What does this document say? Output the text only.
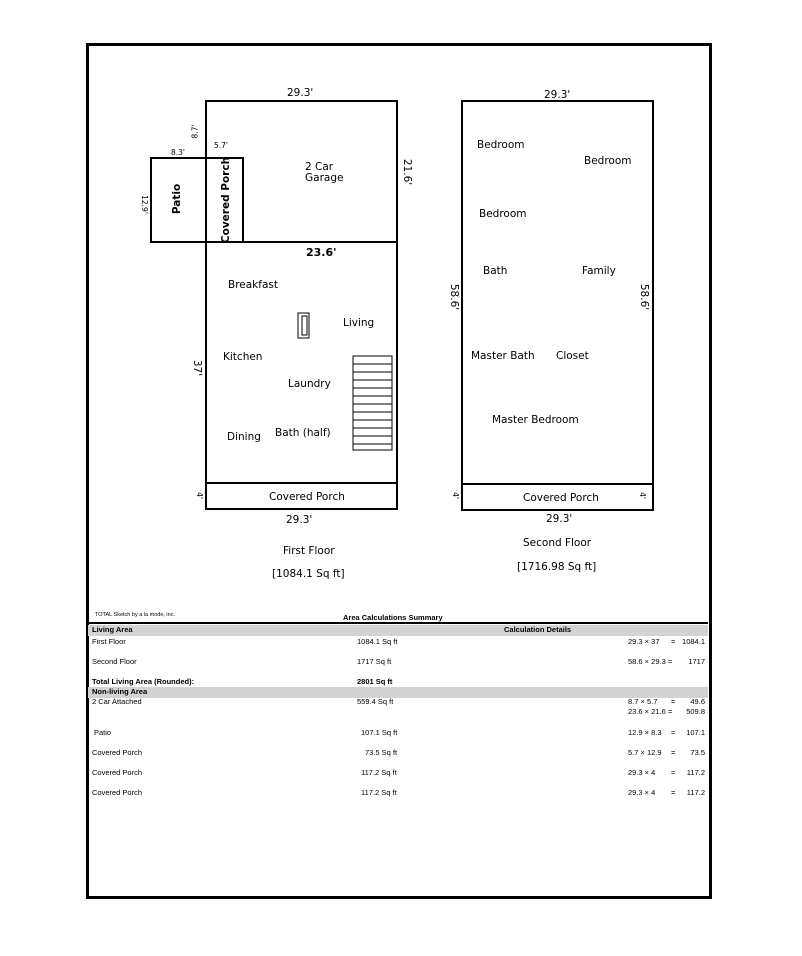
29.3'
21.6'
37'
4'
29.3'
23.6'
8.7'
5.7'
8.3'
12.9'
2 Car
Garage
Patio	Covered Porch
Breakfast
Living
Kitchen
Laundry
Dining Bath (half)
Covered Porch
First Floor
[1084.1 Sq ft]
29.3'
58.6'	58.6'
4'	4'
29.3'
Bedroom
Bedroom
Bedroom
Bath	Family
Master Bath Closet
Master Bedroom
Covered Porch
Second Floor
[1716.98 Sq ft]
TOTAL Sketch by a la mode, inc.	Area Calculations Summary
Living Area	Calculation Details
First Floor	1084.1 Sq ft	29.3 × 37 = 1084.1
Second Floor	1717 Sq ft	58.6 × 29.3 = 1717
Total Living Area (Rounded):	2801 Sq ft
Non-living Area
2 Car Attached	559.4 Sq ft	8.7 × 5.7 = 49.6
23.6 × 21.6 = 509.8
Patio	107.1 Sq ft	12.9 × 8.3 = 107.1
Covered Porch	73.5 Sq ft	5.7 × 12.9 = 73.5
Covered Porch	117.2 Sq ft	29.3 × 4 = 117.2
Covered Porch	117.2 Sq ft	29.3 × 4 = 117.2
